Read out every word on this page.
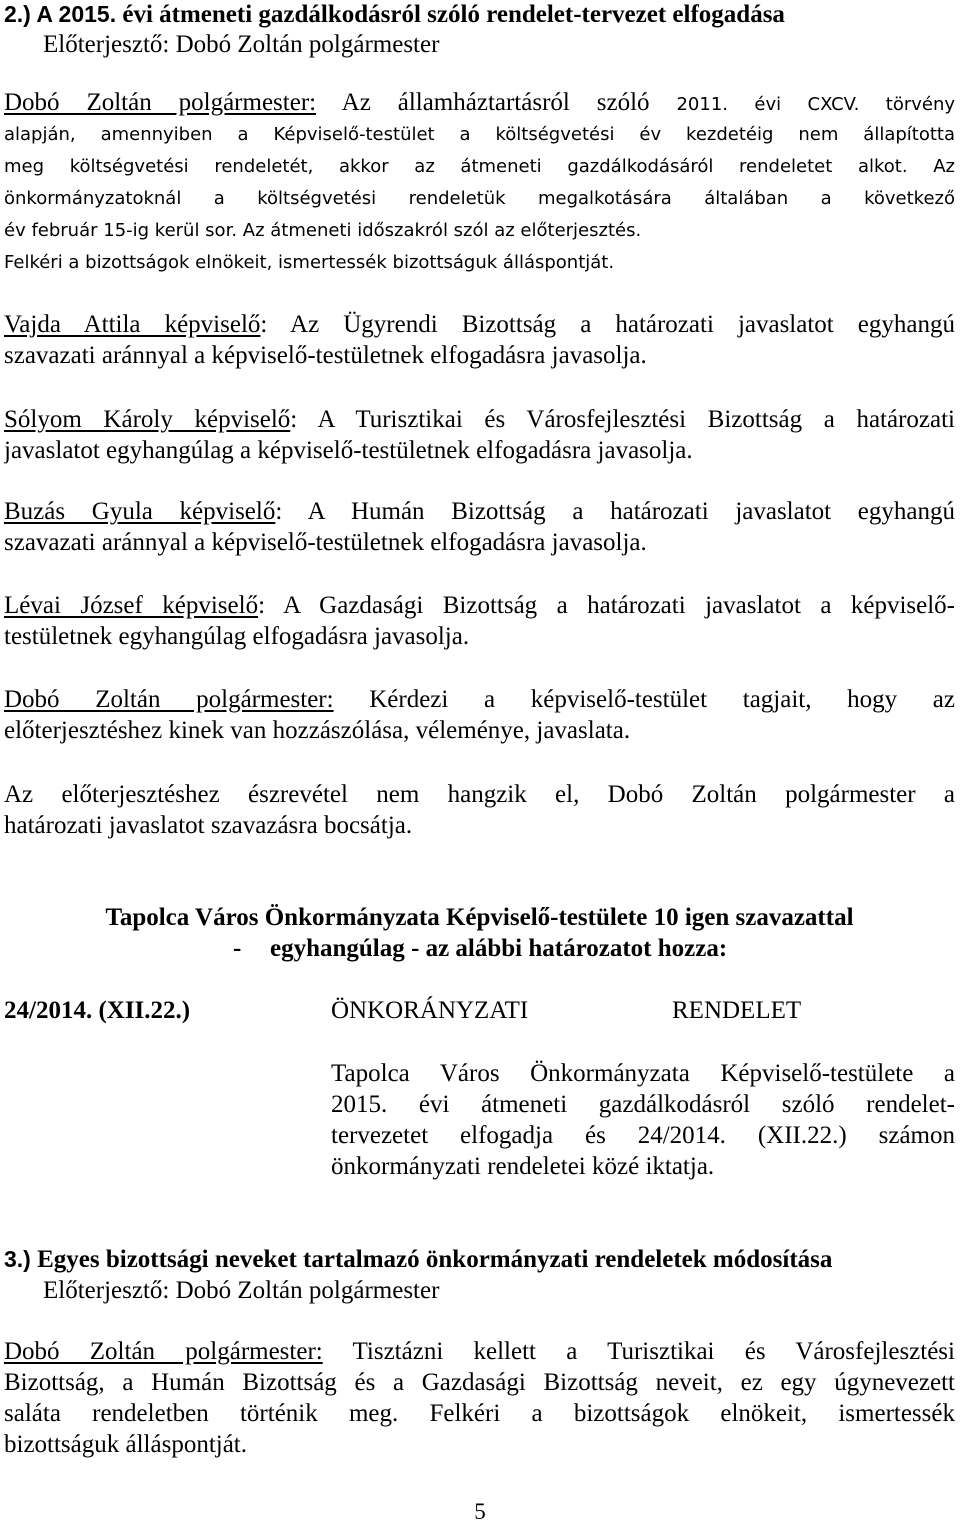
2.) A 2015. évi átmeneti gazdálkodásról szóló rendelet-tervezet elfogadása
Előterjesztő: Dobó Zoltán polgármester
Dobó Zoltán polgármester: Az államháztartásról szóló 2011. évi CXCV. törvény
alapján, amennyiben a Képviselő-testület a költségvetési év kezdetéig nem állapította
meg költségvetési rendeletét, akkor az átmeneti gazdálkodásáról rendeletet alkot. Az
önkormányzatoknál a költségvetési rendeletük megalkotására általában a következő
év február 15-ig kerül sor. Az átmeneti időszakról szól az előterjesztés.
Felkéri a bizottságok elnökeit, ismertessék bizottságuk álláspontját.
Vajda Attila képviselő: Az Ügyrendi Bizottság a határozati javaslatot egyhangú
szavazati aránnyal a képviselő-testületnek elfogadásra javasolja.
Sólyom Károly képviselő: A Turisztikai és Városfejlesztési Bizottság a határozati
javaslatot egyhangúlag a képviselő-testületnek elfogadásra javasolja.
Buzás Gyula képviselő: A Humán Bizottság a határozati javaslatot egyhangú
szavazati aránnyal a képviselő-testületnek elfogadásra javasolja.
Lévai József képviselő: A Gazdasági Bizottság a határozati javaslatot a képviselő-
testületnek egyhangúlag elfogadásra javasolja.
Dobó Zoltán polgármester: Kérdezi a képviselő-testület tagjait, hogy az
előterjesztéshez kinek van hozzászólása, véleménye, javaslata.
Az előterjesztéshez észrevétel nem hangzik el, Dobó Zoltán polgármester a
határozati javaslatot szavazásra bocsátja.
Tapolca Város Önkormányzata Képviselő-testülete 10 igen szavazattal
- egyhangúlag - az alábbi határozatot hozza:
24/2014. (XII.22.)	ÖNKORÁNYZATI	RENDELET
Tapolca Város Önkormányzata Képviselő-testülete a
2015. évi átmeneti gazdálkodásról szóló rendelet-
tervezetet elfogadja és 24/2014. (XII.22.) számon
önkormányzati rendeletei közé iktatja.
3.) Egyes bizottsági neveket tartalmazó önkormányzati rendeletek módosítása
Előterjesztő: Dobó Zoltán polgármester
Dobó Zoltán polgármester: Tisztázni kellett a Turisztikai és Városfejlesztési
Bizottság, a Humán Bizottság és a Gazdasági Bizottság neveit, ez egy úgynevezett
saláta rendeletben történik meg. Felkéri a bizottságok elnökeit, ismertessék
bizottságuk álláspontját.
5
